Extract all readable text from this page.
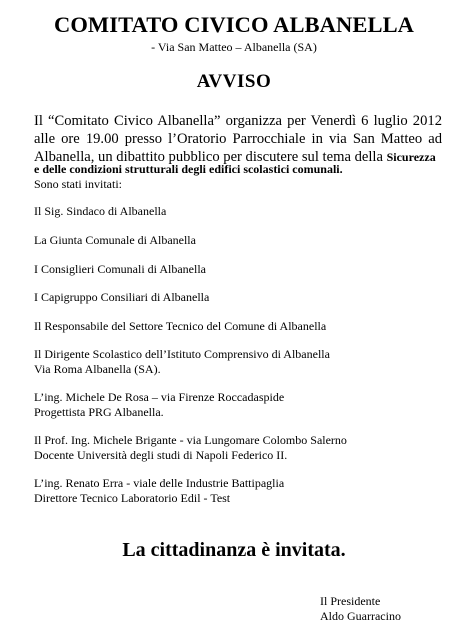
COMITATO CIVICO ALBANELLA
- Via San Matteo – Albanella (SA)
AVVISO
Il “Comitato Civico Albanella” organizza per Venerdì 6 luglio 2012
alle ore 19.00 presso l’Oratorio Parrocchiale in via San Matteo ad
Albanella, un dibattito pubblico per discutere sul tema della Sicurezza
e delle condizioni strutturali degli edifici scolastici comunali.
Sono stati invitati:
Il Sig. Sindaco di Albanella
La Giunta Comunale di Albanella
I Consiglieri Comunali di Albanella
I Capigruppo Consiliari di Albanella
Il Responsabile del Settore Tecnico del Comune di Albanella
Il Dirigente Scolastico dell’Istituto Comprensivo di Albanella
Via Roma Albanella (SA).
L’ing. Michele De Rosa – via Firenze Roccadaspide
Progettista PRG Albanella.
Il Prof. Ing. Michele Brigante - via Lungomare Colombo Salerno
Docente Università degli studi di Napoli Federico II.
L’ing. Renato Erra - viale delle Industrie Battipaglia
Direttore Tecnico Laboratorio Edil - Test
La cittadinanza è invitata.
Il Presidente
Aldo Guarracino
